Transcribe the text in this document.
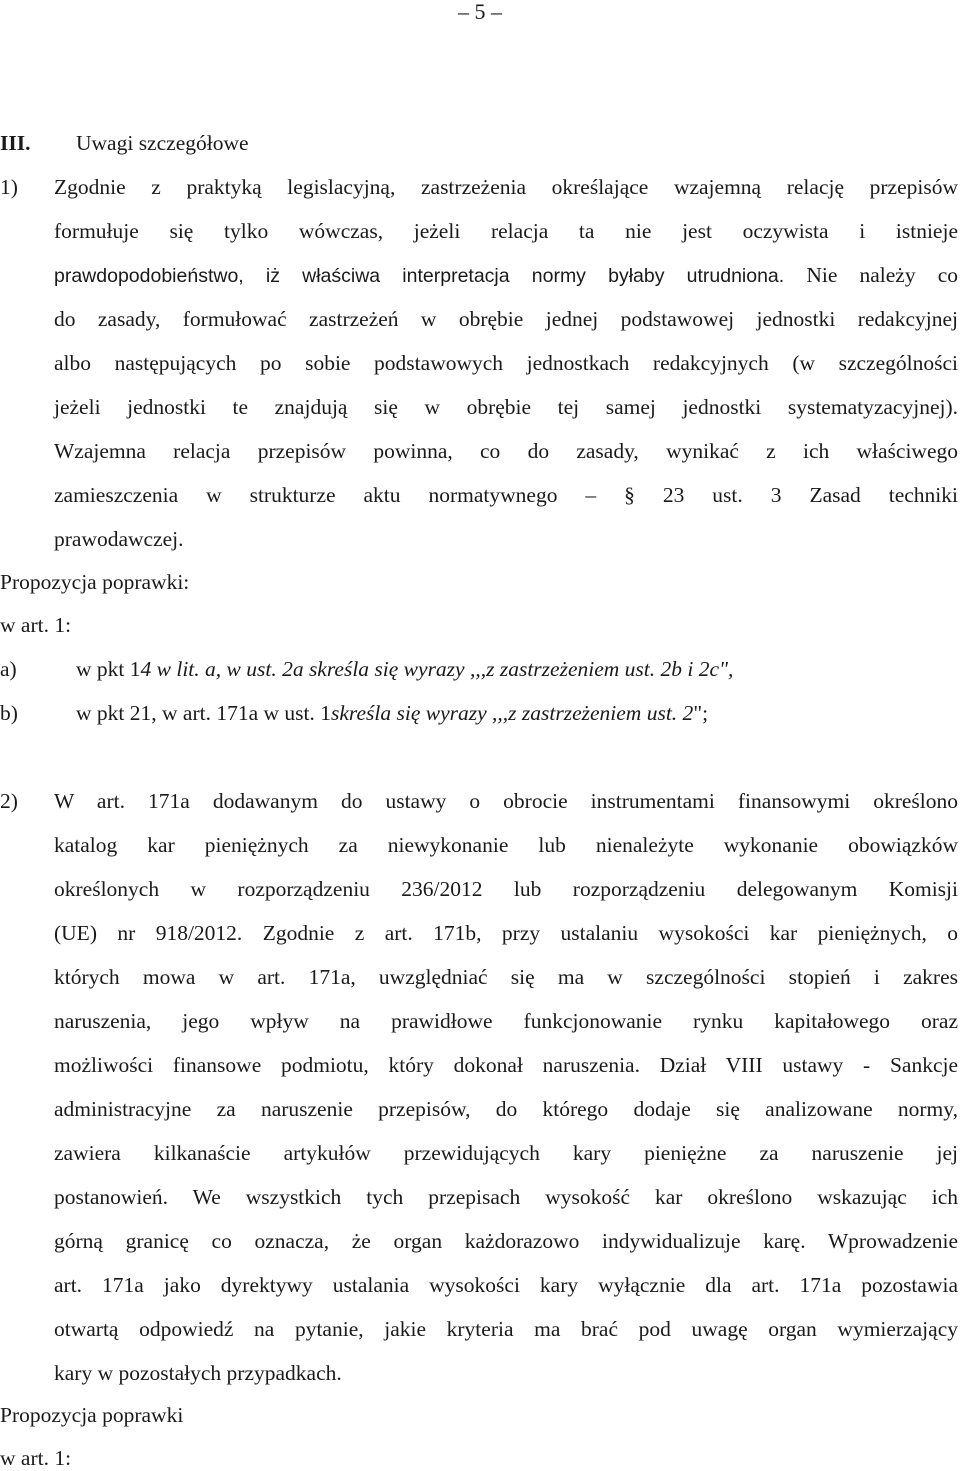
– 5 –
III. Uwagi szczegółowe
1) Zgodnie z praktyką legislacyjną, zastrzeżenia określające wzajemną relację przepisów
formułuje się tylko wówczas, jeżeli relacja ta nie jest oczywista i istnieje
prawdopodobieństwo, iż właściwa interpretacja normy byłaby utrudniona. Nie należy co
do zasady, formułować zastrzeżeń w obrębie jednej podstawowej jednostki redakcyjnej
albo następujących po sobie podstawowych jednostkach redakcyjnych (w szczególności
jeżeli jednostki te znajdują się w obrębie tej samej jednostki systematyzacyjnej).
Wzajemna relacja przepisów powinna, co do zasady, wynikać z ich właściwego
zamieszczenia w strukturze aktu normatywnego – § 23 ust. 3 Zasad techniki
prawodawczej.
Propozycja poprawki:
w art. 1:
a)	w pkt 14 w lit. a, w ust. 2a skreśla się wyrazy ,,,z zastrzeżeniem ust. 2b i 2c",
b)	w pkt 21, w art. 171a w ust. 1skreśla się wyrazy ,,,z zastrzeżeniem ust. 2";
2) W art. 171a dodawanym do ustawy o obrocie instrumentami finansowymi określono
katalog kar pieniężnych za niewykonanie lub nienależyte wykonanie obowiązków
określonych w rozporządzeniu 236/2012 lub rozporządzeniu delegowanym Komisji
(UE) nr 918/2012. Zgodnie z art. 171b, przy ustalaniu wysokości kar pieniężnych, o
których mowa w art. 171a, uwzględniać się ma w szczególności stopień i zakres
naruszenia, jego wpływ na prawidłowe funkcjonowanie rynku kapitałowego oraz
możliwości finansowe podmiotu, który dokonał naruszenia. Dział VIII ustawy - Sankcje
administracyjne za naruszenie przepisów, do którego dodaje się analizowane normy,
zawiera kilkanaście artykułów przewidujących kary pieniężne za naruszenie jej
postanowień. We wszystkich tych przepisach wysokość kar określono wskazując ich
górną granicę co oznacza, że organ każdorazowo indywidualizuje karę. Wprowadzenie
art. 171a jako dyrektywy ustalania wysokości kary wyłącznie dla art. 171a pozostawia
otwartą odpowiedź na pytanie, jakie kryteria ma brać pod uwagę organ wymierzający
kary w pozostałych przypadkach.
Propozycja poprawki
w art. 1:
